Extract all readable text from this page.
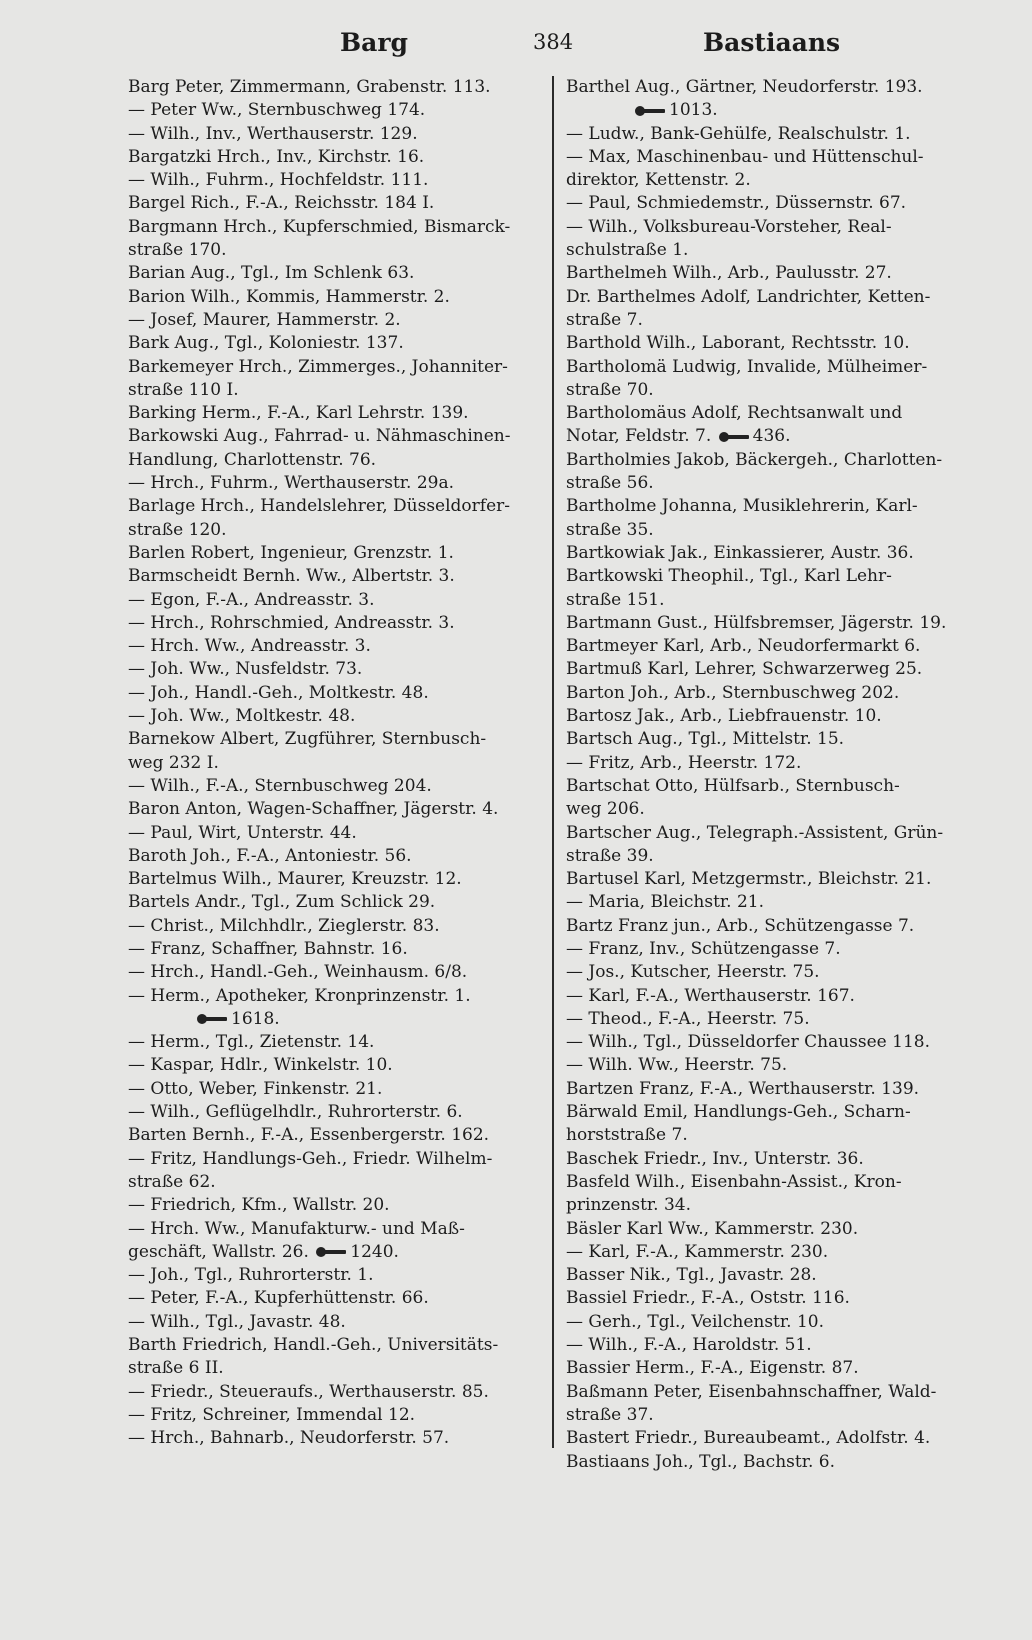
Barg	384	Bastiaans
Barg Peter, Zimmermann, Grabenstr. 113.
— Peter Ww., Sternbuschweg 174.
— Wilh., Inv., Werthauserstr. 129.
Bargatzki Hrch., Inv., Kirchstr. 16.
— Wilh., Fuhrm., Hochfeldstr. 111.
Bargel Rich., F.-A., Reichsstr. 184 I.
Bargmann Hrch., Kupferschmied, Bismarck-
straße 170.
Barian Aug., Tgl., Im Schlenk 63.
Barion Wilh., Kommis, Hammerstr. 2.
— Josef, Maurer, Hammerstr. 2.
Bark Aug., Tgl., Koloniestr. 137.
Barkemeyer Hrch., Zimmerges., Johanniter-
straße 110 I.
Barking Herm., F.-A., Karl Lehrstr. 139.
Barkowski Aug., Fahrrad- u. Nähmaschinen-
Handlung, Charlottenstr. 76.
— Hrch., Fuhrm., Werthauserstr. 29a.
Barlage Hrch., Handelslehrer, Düsseldorfer-
straße 120.
Barlen Robert, Ingenieur, Grenzstr. 1.
Barmscheidt Bernh. Ww., Albertstr. 3.
— Egon, F.-A., Andreasstr. 3.
— Hrch., Rohrschmied, Andreasstr. 3.
— Hrch. Ww., Andreasstr. 3.
— Joh. Ww., Nusfeldstr. 73.
— Joh., Handl.-Geh., Moltkestr. 48.
— Joh. Ww., Moltkestr. 48.
Barnekow Albert, Zugführer, Sternbusch-
weg 232 I.
— Wilh., F.-A., Sternbuschweg 204.
Baron Anton, Wagen-Schaffner, Jägerstr. 4.
— Paul, Wirt, Unterstr. 44.
Baroth Joh., F.-A., Antoniestr. 56.
Bartelmus Wilh., Maurer, Kreuzstr. 12.
Bartels Andr., Tgl., Zum Schlick 29.
— Christ., Milchhdlr., Zieglerstr. 83.
— Franz, Schaffner, Bahnstr. 16.
— Hrch., Handl.-Geh., Weinhausm. 6/8.
— Herm., Apotheker, Kronprinzenstr. 1.
1618.
— Herm., Tgl., Zietenstr. 14.
— Kaspar, Hdlr., Winkelstr. 10.
— Otto, Weber, Finkenstr. 21.
— Wilh., Geflügelhdlr., Ruhrorterstr. 6.
Barten Bernh., F.-A., Essenbergerstr. 162.
— Fritz, Handlungs-Geh., Friedr. Wilhelm-
straße 62.
— Friedrich, Kfm., Wallstr. 20.
— Hrch. Ww., Manufakturw.- und Maß-
geschäft, Wallstr. 26. 1240.
— Joh., Tgl., Ruhrorterstr. 1.
— Peter, F.-A., Kupferhüttenstr. 66.
— Wilh., Tgl., Javastr. 48.
Barth Friedrich, Handl.-Geh., Universitäts-
straße 6 II.
— Friedr., Steueraufs., Werthauserstr. 85.
— Fritz, Schreiner, Immendal 12.
— Hrch., Bahnarb., Neudorferstr. 57.
Barthel Aug., Gärtner, Neudorferstr. 193.
1013.
— Ludw., Bank-Gehülfe, Realschulstr. 1.
— Max, Maschinenbau- und Hüttenschul-
direktor, Kettenstr. 2.
— Paul, Schmiedemstr., Düssernstr. 67.
— Wilh., Volksbureau-Vorsteher, Real-
schulstraße 1.
Barthelmeh Wilh., Arb., Paulusstr. 27.
Dr. Barthelmes Adolf, Landrichter, Ketten-
straße 7.
Barthold Wilh., Laborant, Rechtsstr. 10.
Bartholomä Ludwig, Invalide, Mülheimer-
straße 70.
Bartholomäus Adolf, Rechtsanwalt und
Notar, Feldstr. 7. 436.
Bartholmies Jakob, Bäckergeh., Charlotten-
straße 56.
Bartholme Johanna, Musiklehrerin, Karl-
straße 35.
Bartkowiak Jak., Einkassierer, Austr. 36.
Bartkowski Theophil., Tgl., Karl Lehr-
straße 151.
Bartmann Gust., Hülfsbremser, Jägerstr. 19.
Bartmeyer Karl, Arb., Neudorfermarkt 6.
Bartmuß Karl, Lehrer, Schwarzerweg 25.
Barton Joh., Arb., Sternbuschweg 202.
Bartosz Jak., Arb., Liebfrauenstr. 10.
Bartsch Aug., Tgl., Mittelstr. 15.
— Fritz, Arb., Heerstr. 172.
Bartschat Otto, Hülfsarb., Sternbusch-
weg 206.
Bartscher Aug., Telegraph.-Assistent, Grün-
straße 39.
Bartusel Karl, Metzgermstr., Bleichstr. 21.
— Maria, Bleichstr. 21.
Bartz Franz jun., Arb., Schützengasse 7.
— Franz, Inv., Schützengasse 7.
— Jos., Kutscher, Heerstr. 75.
— Karl, F.-A., Werthauserstr. 167.
— Theod., F.-A., Heerstr. 75.
— Wilh., Tgl., Düsseldorfer Chaussee 118.
— Wilh. Ww., Heerstr. 75.
Bartzen Franz, F.-A., Werthauserstr. 139.
Bärwald Emil, Handlungs-Geh., Scharn-
horststraße 7.
Baschek Friedr., Inv., Unterstr. 36.
Basfeld Wilh., Eisenbahn-Assist., Kron-
prinzenstr. 34.
Bäsler Karl Ww., Kammerstr. 230.
— Karl, F.-A., Kammerstr. 230.
Basser Nik., Tgl., Javastr. 28.
Bassiel Friedr., F.-A., Oststr. 116.
— Gerh., Tgl., Veilchenstr. 10.
— Wilh., F.-A., Haroldstr. 51.
Bassier Herm., F.-A., Eigenstr. 87.
Baßmann Peter, Eisenbahnschaffner, Wald-
straße 37.
Bastert Friedr., Bureaubeamt., Adolfstr. 4.
Bastiaans Joh., Tgl., Bachstr. 6.
